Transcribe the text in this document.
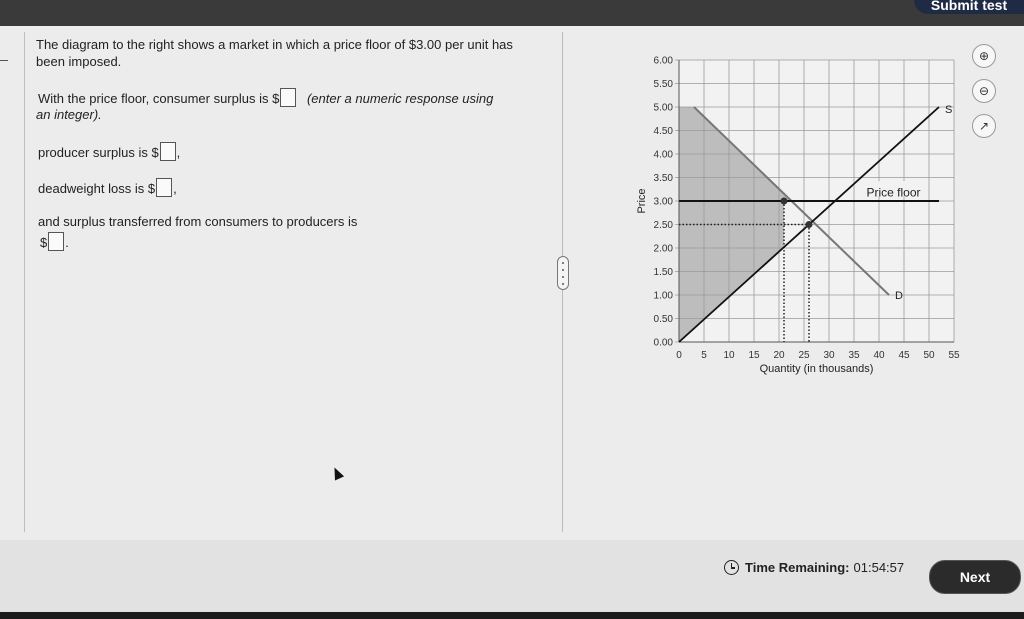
Submit test

The diagram to the right shows a market in which a price floor of $3.00 per unit has been imposed.

With the price floor, consumer surplus is $ (enter a numeric response using
an integer).
producer surplus is $ ,
deadweight loss is $ ,
and surplus transferred from consumers to producers is
$ .
0 5 10 15 20 25 30 35 40 45 50 55
0.00
0.50
1.00
1.50
2.00
2.50
3.00
3.50
4.00
4.50
5.00
5.50
6.00
S
D
Price floor
Quantity (in thousands)
Price
⊕
⊖
↗
Time Remaining: 01:54:57
Next
